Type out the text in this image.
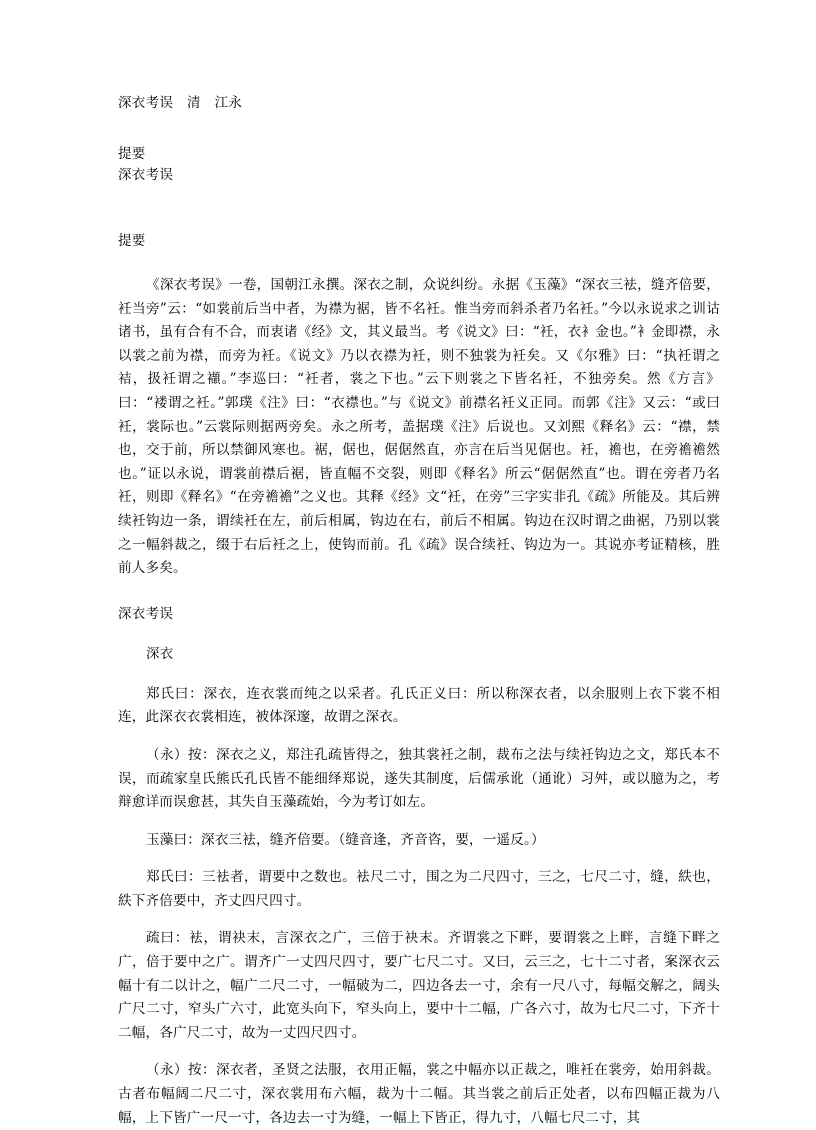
深衣考误　清　江永
提要
深衣考误
提要

《深衣考误》一卷，国朝江永撰。深衣之制，众说纠纷。永据《玉藻》“深衣三袪，缝齐倍要，衽当旁”云：“如裳前后当中者，为襟为裾，皆不名衽。惟当旁而斜杀者乃名衽。”今以永说求之训诂诸书，虽有合有不合，而衷诸《经》文，其义最当。考《说文》曰：“衽，衣衤金也。”衤金即襟，永以裳之前为襟，而旁为衽。《说文》乃以衣襟为衽，则不独裳为衽矣。又《尔雅》曰：“执衽谓之袺，扱衽谓之襭。”李巡曰：“衽者，裳之下也。”云下则裳之下皆名衽，不独旁矣。然《方言》曰：“褛谓之衽。”郭璞《注》曰：“衣襟也。”与《说文》前襟名衽义正同。而郭《注》又云：“或曰衽，裳际也。”云裳际则据两旁矣。永之所考，盖据璞《注》后说也。又刘熙《释名》云：“襟，禁也，交于前，所以禁御风寒也。裾，倨也，倨倨然直，亦言在后当见倨也。衽，襜也，在旁襜襜然也。”证以永说，谓裳前襟后裾，皆直幅不交裂，则即《释名》所云“倨倨然直”也。谓在旁者乃名衽，则即《释名》“在旁襜襜”之义也。其释《经》文“衽，在旁”三字实非孔《疏》所能及。其后辨续衽钩边一条，谓续衽在左，前后相属，钩边在右，前后不相属。钩边在汉时谓之曲裾，乃别以裳之一幅斜裁之，缀于右后衽之上，使钩而前。孔《疏》误合续衽、钩边为一。其说亦考证精核，胜前人多矣。

深衣考误
深衣

郑氏曰：深衣，连衣裳而纯之以采者。孔氏正义曰：所以称深衣者，以余服则上衣下裳不相连，此深衣衣裳相连，被体深邃，故谓之深衣。

（永）按：深衣之义，郑注孔疏皆得之，独其裳衽之制，裁布之法与续衽钩边之文，郑氏本不误，而疏家皇氏熊氏孔氏皆不能细绎郑说，遂失其制度，后儒承讹（通讹）习舛，或以臆为之，考辩愈详而误愈甚，其失自玉藻疏始，今为考订如左。

玉藻曰：深衣三袪，缝齐倍要。（缝音逢，齐音咨，要，一遥反。）

郑氏曰：三袪者，谓要中之数也。袪尺二寸，围之为二尺四寸，三之，七尺二寸，缝，紩也，紩下齐倍要中，齐丈四尺四寸。

疏曰：袪，谓袂末，言深衣之广，三倍于袂末。齐谓裳之下畔，要谓裳之上畔，言缝下畔之广，倍于要中之广。谓齐广一丈四尺四寸，要广七尺二寸。又曰，云三之，七十二寸者，案深衣云幅十有二以计之，幅广二尺二寸，一幅破为二，四边各去一寸，余有一尺八寸，每幅交解之，阔头广尺二寸，窄头广六寸，此宽头向下，窄头向上，要中十二幅，广各六寸，故为七尺二寸，下齐十二幅，各广尺二寸，故为一丈四尺四寸。

（永）按：深衣者，圣贤之法服，衣用正幅，裳之中幅亦以正裁之，唯衽在裳旁，始用斜裁。古者布幅阔二尺二寸，深衣裳用布六幅，裁为十二幅。其当裳之前后正处者，以布四幅正裁为八幅，上下皆广一尺一寸，各边去一寸为缝，一幅上下皆正，得九寸，八幅七尺二寸，其
